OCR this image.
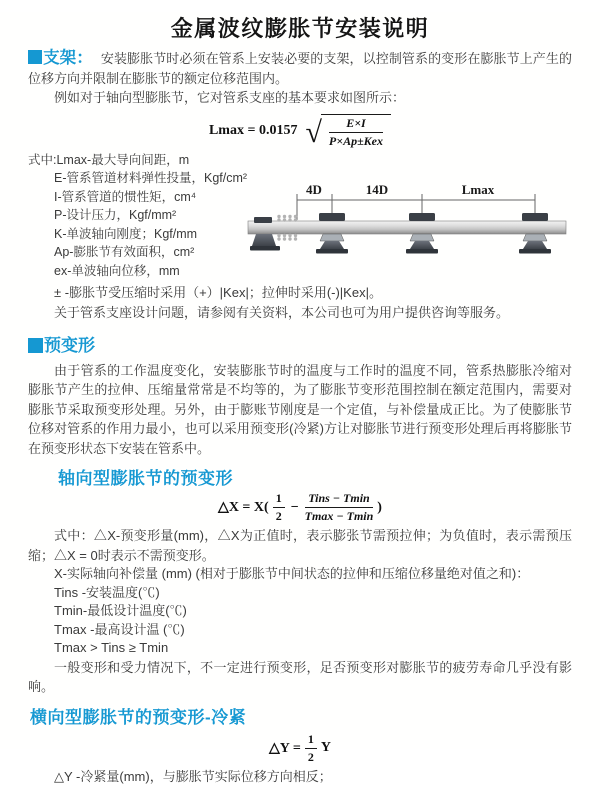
金属波纹膨胀节安装说明

支架： 安装膨胀节时必须在管系上安装必要的支架，以控制管系的变形在膨胀节上产生的位移方向并限制在膨胀节的额定位移范围内。

例如对于轴向型膨胀节，它对管系支座的基本要求如图所示：

Lmax = 0.0157 √	E×I
P×Ap±Kex
式中:Lmax-最大导向间距，m
E-管系管道材料弹性投量，Kgf/cm²
I-管系管道的惯性矩，cm⁴
P-设计压力，Kgf/mm²
K-单波轴向刚度；Kgf/mm
Ap-膨胀节有效面积，cm²
ex-单波轴向位移，mm
4D	14D	Lmax

± -膨胀节受压缩时采用（+）|Kex|；拉伸时采用(-)|Kex|。

关于管系支座设计问题，请参阅有关资料，本公司也可为用户提供咨询等服务。

预变形

由于管系的工作温度变化，安装膨胀节时的温度与工作时的温度不同，管系热膨胀冷缩对膨胀节产生的拉伸、压缩量常常是不均等的，为了膨胀节变形范围控制在额定范围内，需要对膨胀节采取预变形处理。另外，由于膨账节刚度是一个定值，与补偿量成正比。为了使膨胀节位移对管系的作用力最小，也可以采用预变形(冷紧)方让对膨胀节进行预变形处理后再将膨胀节在预变形状态下安装在管系中。

轴向型膨胀节的预变形
△X = $X( \frac{1}{2} - \frac{\text{Tins − Tmin}}{Tmax - Tmin}$ )

式中：△X-预变形量(mm)，△X为正值时，表示膨张节需预拉伸；为负值时，表示需预压缩；△X = 0时表示不需预变形。

X-实际轴向补偿量 (mm) (相对于膨胀节中间状态的拉伸和压缩位移量绝对值之和)：

Tins -安装温度(℃)

Tmin-最低设计温度(℃)

Tmax -最高设计温 (℃)

Tmax > Tins ≥ Tmin

一般变形和受力情况下，不一定进行预变形，足否预变形对膨胀节的疲劳寿命几乎没有影响。

横向型膨胀节的预变形-冷紧
△Y = $\frac{1}{2}$ Y

△Y -冷紧量(mm)，与膨胀节实际位移方向相反；
